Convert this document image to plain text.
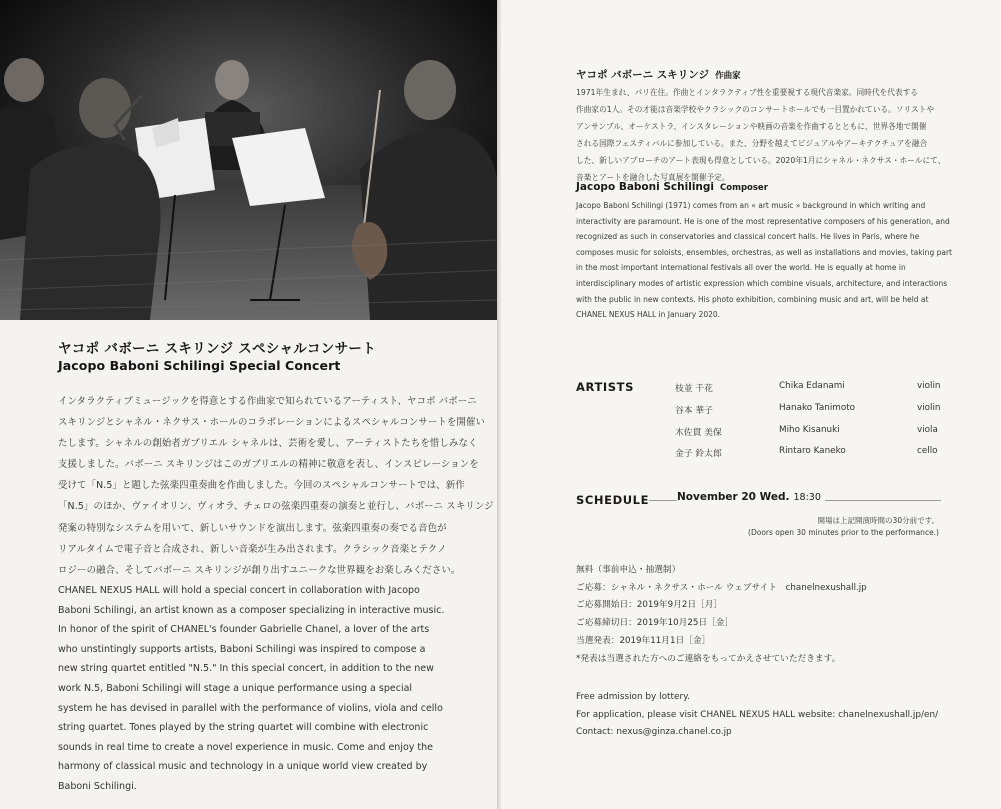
ヤコポ バボーニ スキリンジ スペシャルコンサート
Jacopo Baboni Schilingi Special Concert
インタラクティブミュージックを得意とする作曲家で知られているアーティスト、ヤコポ バボーニ
スキリンジとシャネル・ネクサス・ホールのコラボレーションによるスペシャルコンサートを開催い
たします。シャネルの創始者ガブリエル シャネルは、芸術を愛し、アーティストたちを惜しみなく
支援しました。バボーニ スキリンジはこのガブリエルの精神に敬意を表し、インスピレーションを
受けて「N.5」と題した弦楽四重奏曲を作曲しました。今回のスペシャルコンサートでは、新作
「N.5」のほか、ヴァイオリン、ヴィオラ、チェロの弦楽四重奏の演奏と並行し、バボーニ スキリンジ
発案の特別なシステムを用いて、新しいサウンドを演出します。弦楽四重奏の奏でる音色が
リアルタイムで電子音と合成され、新しい音楽が生み出されます。クラシック音楽とテクノ
ロジーの融合、そしてバボーニ スキリンジが創り出すユニークな世界観をお楽しみください。
CHANEL NEXUS HALL will hold a special concert in collaboration with Jacopo
Baboni Schilingi, an artist known as a composer specializing in interactive music.
In honor of the spirit of CHANEL's founder Gabrielle Chanel, a lover of the arts
who unstintingly supports artists, Baboni Schilingi was inspired to compose a
new string quartet entitled "N.5." In this special concert, in addition to the new
work N.5, Baboni Schilingi will stage a unique performance using a special
system he has devised in parallel with the performance of violins, viola and cello
string quartet. Tones played by the string quartet will combine with electronic
sounds in real time to create a novel experience in music. Come and enjoy the
harmony of classical music and technology in a unique world view created by
Baboni Schilingi.
ヤコポ バボーニ スキリンジ 作曲家
1971年生まれ、パリ在住。作曲とインタラクティブ性を重要視する現代音楽家。同時代を代表する
作曲家の1人。その才能は音楽学校やクラシックのコンサートホールでも一目置かれている。ソリストや
アンサンブル、オーケストラ、インスタレーションや映画の音楽を作曲するとともに、世界各地で開催
される国際フェスティバルに参加している。また、分野を越えてビジュアルやアーキテクチュアを融合
した、新しいアプローチのアート表現も得意としている。2020年1月にシャネル・ネクサス・ホールにて、
音楽とアートを融合した写真展を開催予定。
Jacopo Baboni Schilingi Composer
Jacopo Baboni Schilingi (1971) comes from an « art music » background in which writing and
interactivity are paramount. He is one of the most representative composers of his generation, and
recognized as such in conservatories and classical concert halls. He lives in Paris, where he
composes music for soloists, ensembles, orchestras, as well as installations and movies, taking part
in the most important international festivals all over the world. He is equally at home in
interdisciplinary modes of artistic expression which combine visuals, architecture, and interactions
with the public in new contexts. His photo exhibition, combining music and art, will be held at
CHANEL NEXUS HALL in January 2020.
ARTISTS	枝並 千花	Chika Edanami	violin
谷本 華子	Hanako Tanimoto	violin
木佐貫 美保	Miho Kisanuki	viola
金子 鈴太郎	Rintaro Kaneko	cello
SCHEDULE	November 20 Wed. 18:30
開場は上記開演時間の30分前です。
(Doors open 30 minutes prior to the performance.)
無料（事前申込・抽選制）
ご応募：シャネル・ネクサス・ホール ウェブサイト　chanelnexushall.jp
ご応募開始日：2019年9月2日［月］
ご応募締切日：2019年10月25日［金］
当選発表：2019年11月1日［金］
*発表は当選された方へのご連絡をもってかえさせていただきます。
Free admission by lottery.
For application, please visit CHANEL NEXUS HALL website: chanelnexushall.jp/en/
Contact: nexus@ginza.chanel.co.jp
